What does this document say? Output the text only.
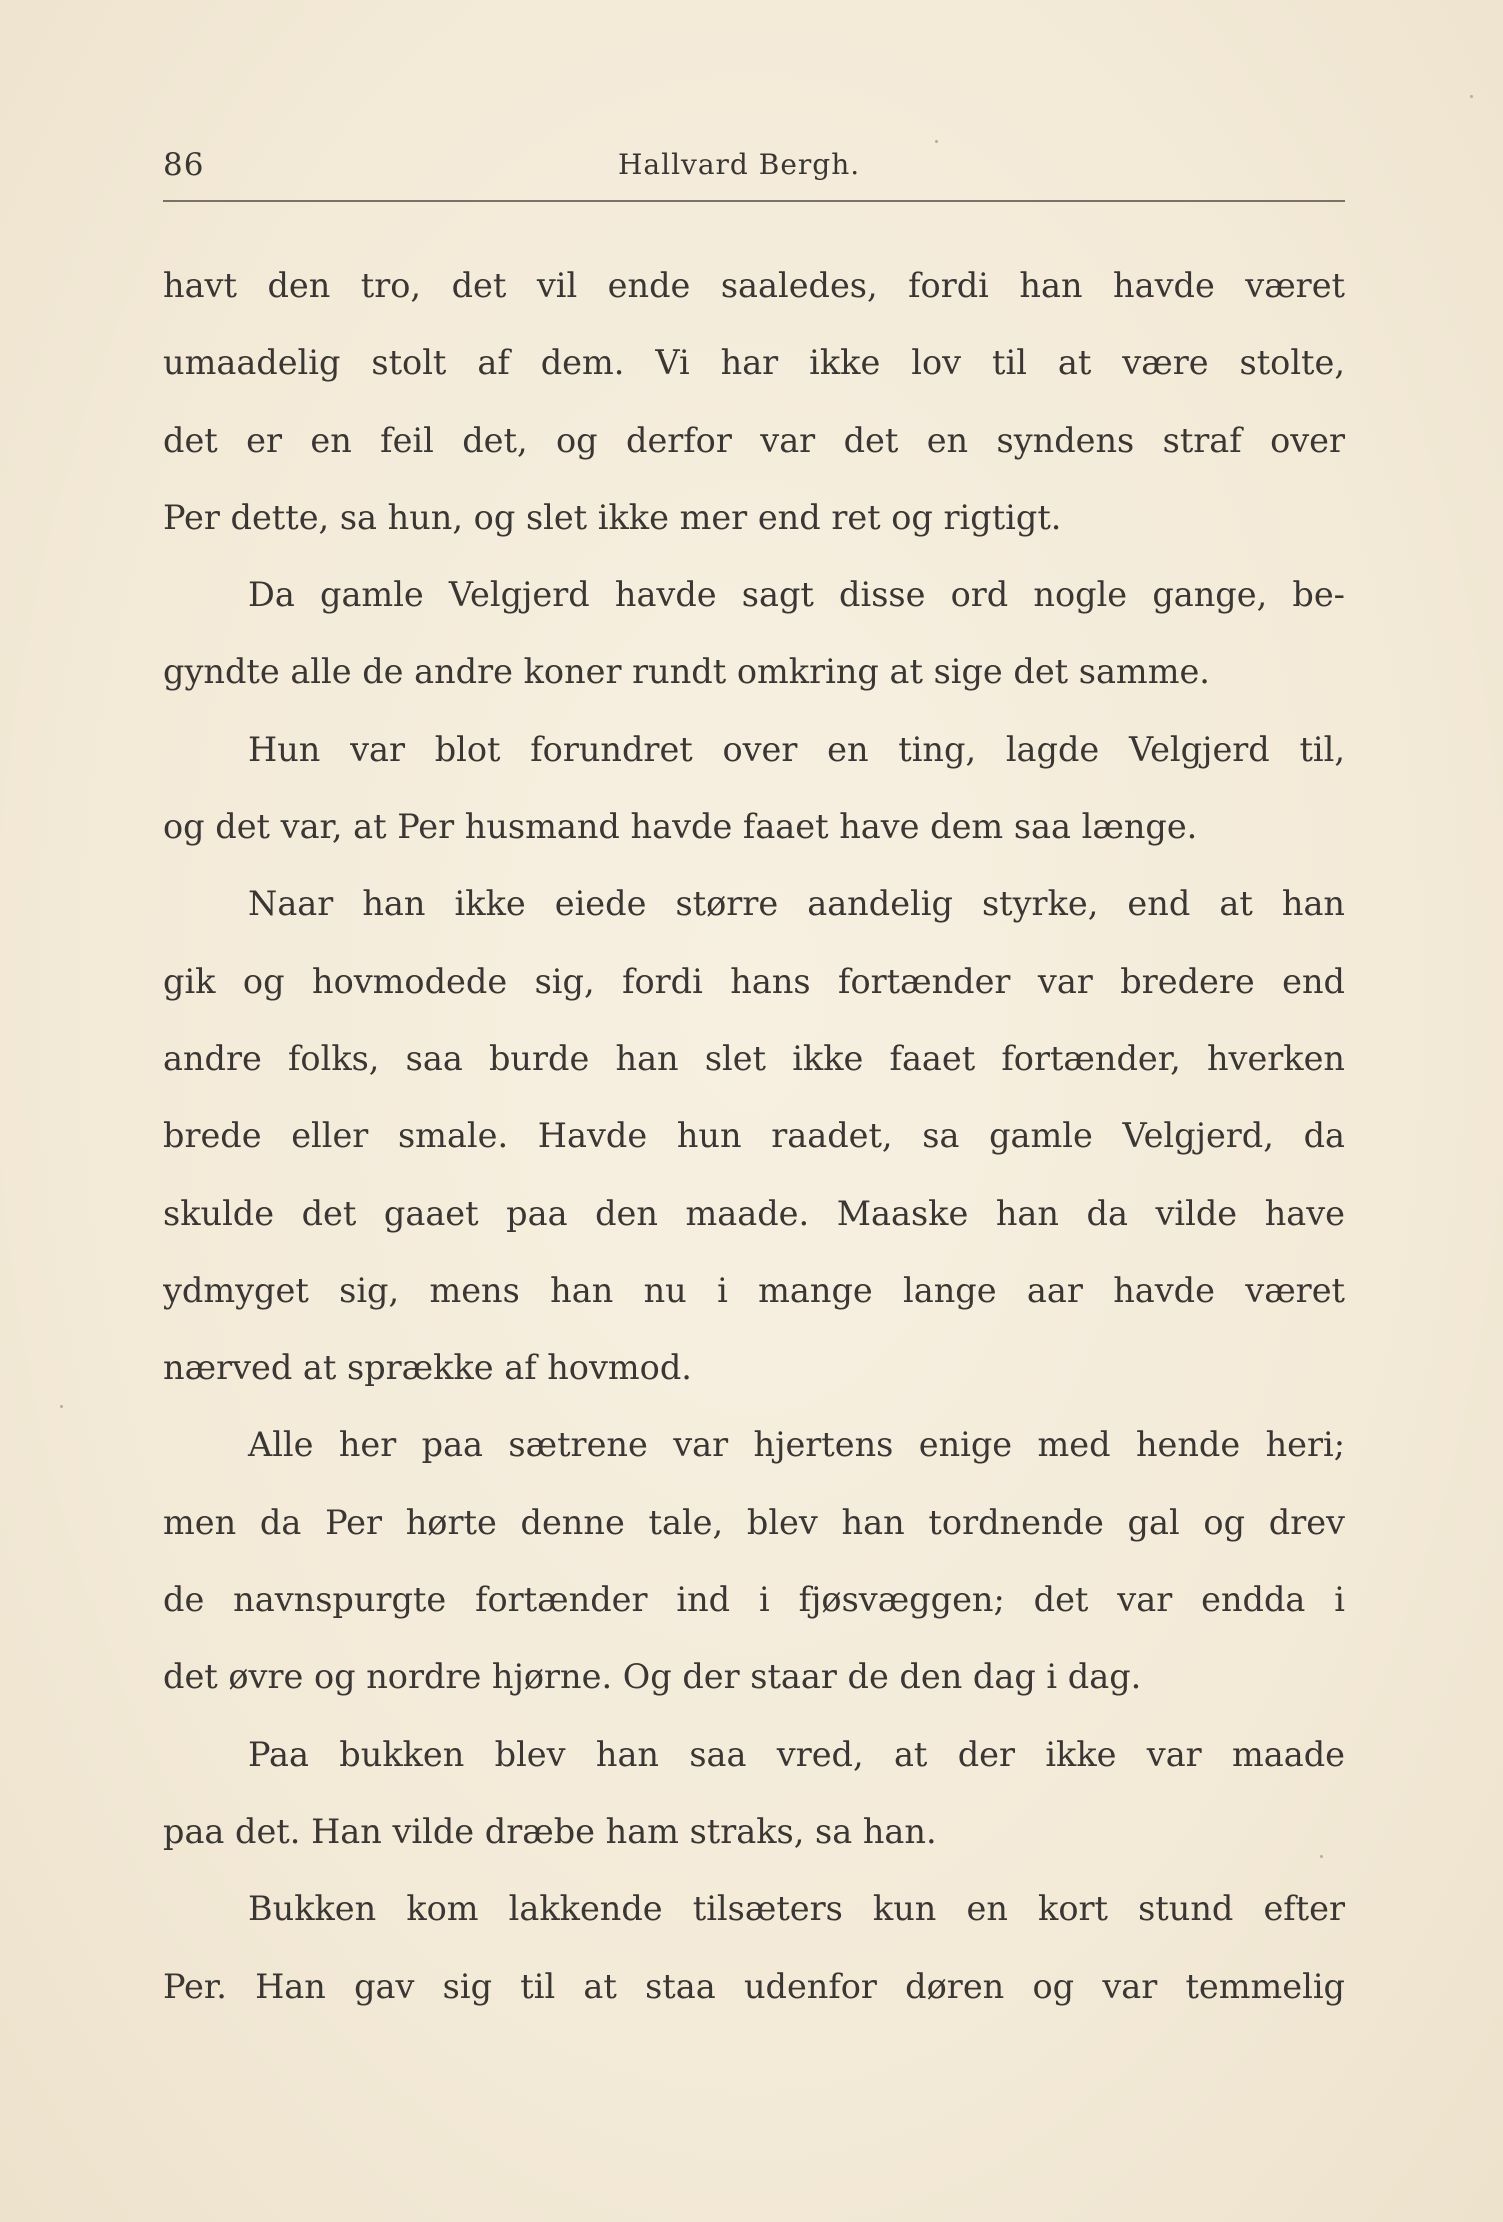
86	Hallvard Bergh.
havt den tro, det vil ende saaledes, fordi han havde været
umaadelig stolt af dem. Vi har ikke lov til at være stolte,
det er en feil det, og derfor var det en syndens straf over
Per dette, sa hun, og slet ikke mer end ret og rigtigt.
Da gamle Velgjerd havde sagt disse ord nogle gange, be-
gyndte alle de andre koner rundt omkring at sige det samme.
Hun var blot forundret over en ting, lagde Velgjerd til,
og det var, at Per husmand havde faaet have dem saa længe.
Naar han ikke eiede større aandelig styrke, end at han
gik og hovmodede sig, fordi hans fortænder var bredere end
andre folks, saa burde han slet ikke faaet fortænder, hverken
brede eller smale. Havde hun raadet, sa gamle Velgjerd, da
skulde det gaaet paa den maade. Maaske han da vilde have
ydmyget sig, mens han nu i mange lange aar havde været
nærved at sprække af hovmod.
Alle her paa sætrene var hjertens enige med hende heri;
men da Per hørte denne tale, blev han tordnende gal og drev
de navnspurgte fortænder ind i fjøsvæggen; det var endda i
det øvre og nordre hjørne. Og der staar de den dag i dag.
Paa bukken blev han saa vred, at der ikke var maade
paa det. Han vilde dræbe ham straks, sa han.
Bukken kom lakkende tilsæters kun en kort stund efter
Per. Han gav sig til at staa udenfor døren og var temmelig
